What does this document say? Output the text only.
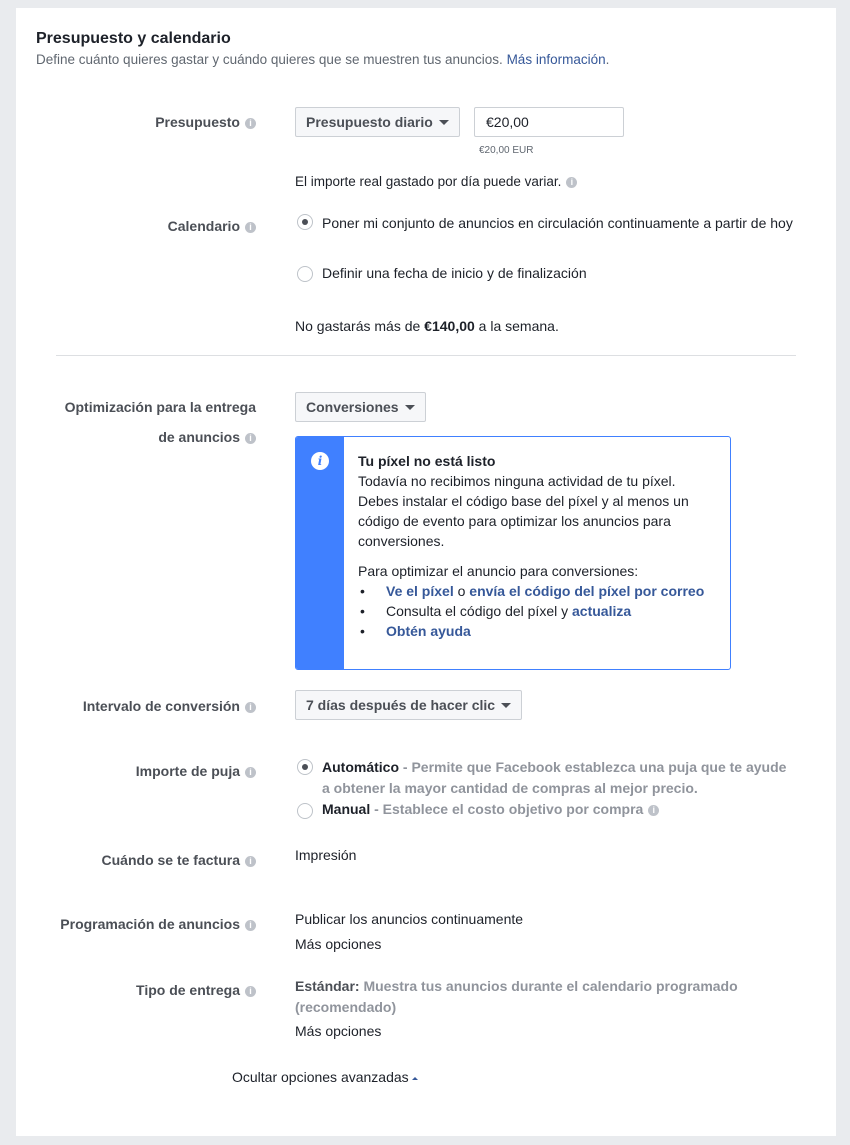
Presupuesto y calendario
Define cuánto quieres gastar y cuándo quieres que se muestren tus anuncios. Más información.
Presupuesto i	Presupuesto diario	€20,00
€20,00 EUR
El importe real gastado por día puede variar. i
Calendario i	Poner mi conjunto de anuncios en circulación continuamente a partir de hoy
Definir una fecha de inicio y de finalización
No gastarás más de €140,00 a la semana.
Optimización para la entrega
de anuncios i
Conversiones
i	Tu píxel no está listo
Todavía no recibimos ninguna actividad de tu píxel. Debes instalar el código base del píxel y al menos un código de evento para optimizar los anuncios para conversiones.
Para optimizar el anuncio para conversiones:
• Ve el píxel o envía el código del píxel por correo
• Consulta el código del píxel y actualiza
• Obtén ayuda
Intervalo de conversión i	7 días después de hacer clic
Importe de puja i	Automático - Permite que Facebook establezca una puja que te ayude a obtener la mayor cantidad de compras al mejor precio.
Manual - Establece el costo objetivo por compra i
Cuándo se te factura i	Impresión
Programación de anuncios i	Publicar los anuncios continuamente
Más opciones
Tipo de entrega i	Estándar: Muestra tus anuncios durante el calendario programado (recomendado)
Más opciones
Ocultar opciones avanzadas
